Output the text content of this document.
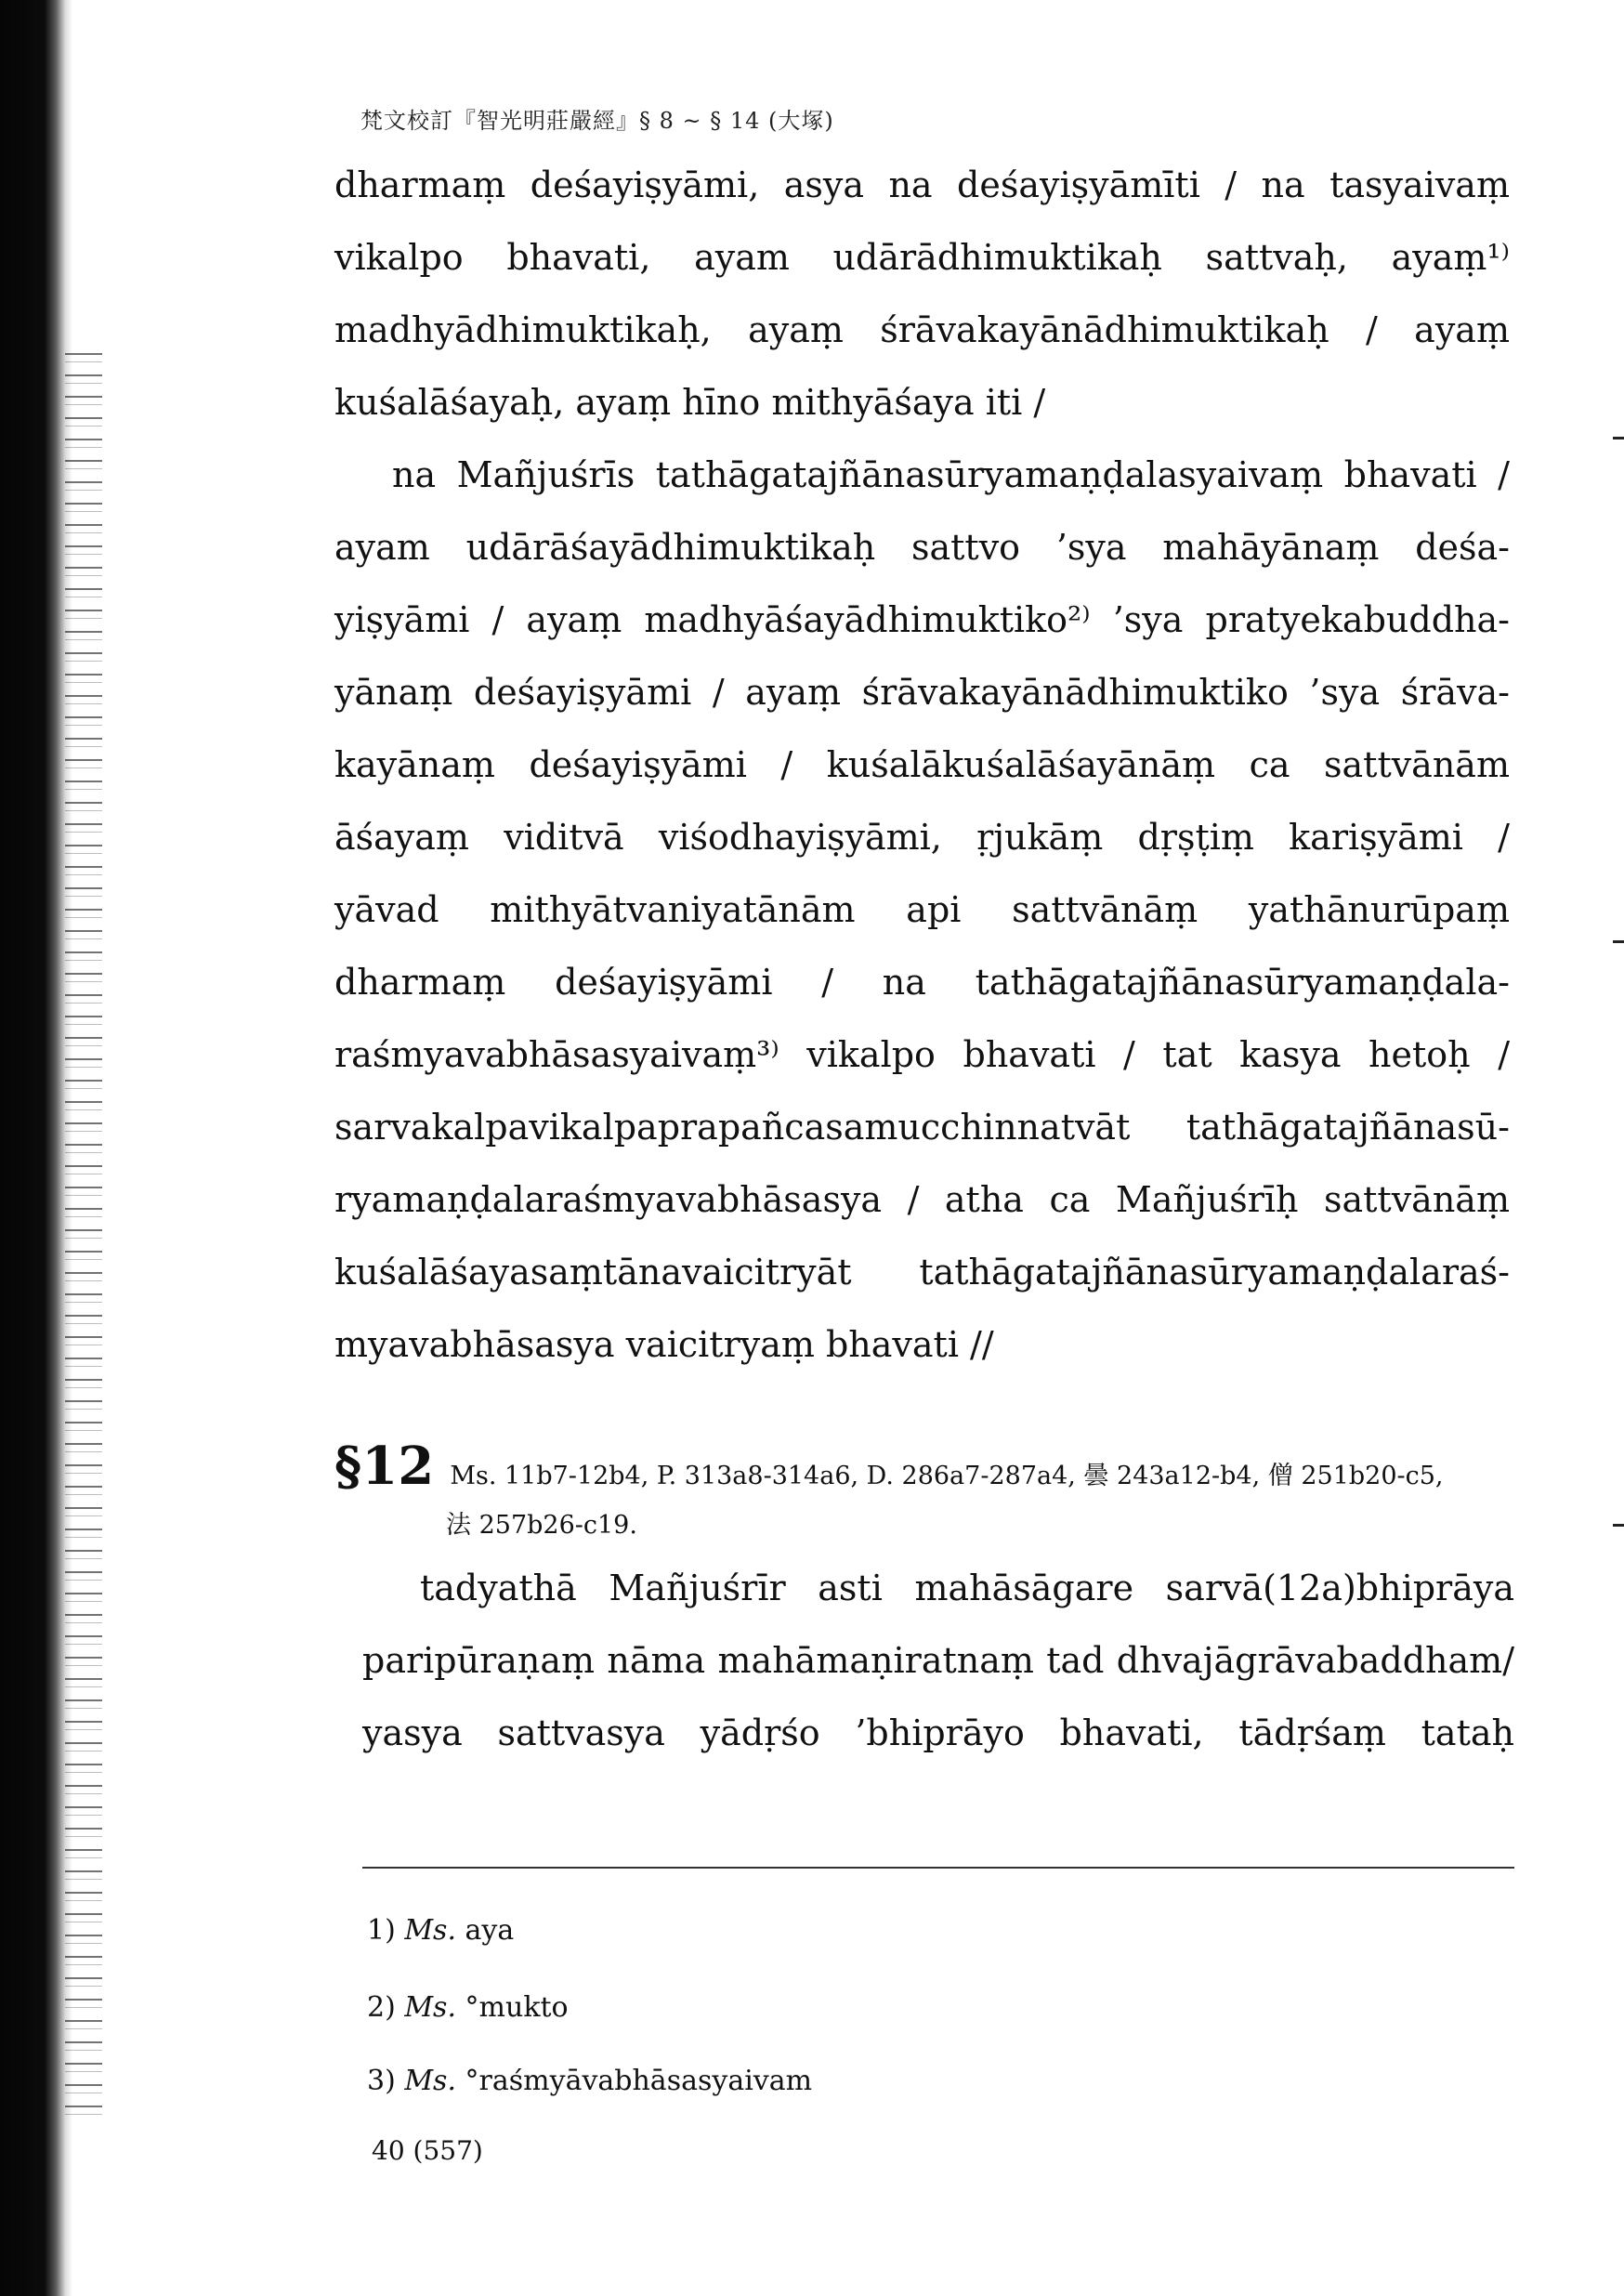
梵文校訂『智光明莊嚴經』§ 8 ~ § 14 (大塚)
dharmaṃ deśayiṣyāmi, asya na deśayiṣyāmīti / na tasyaivaṃ
vikalpo bhavati, ayam udārādhimuktikaḥ sattvaḥ, ayaṃ¹⁾
madhyādhimuktikaḥ, ayaṃ śrāvakayānādhimuktikaḥ / ayaṃ
kuśalāśayaḥ, ayaṃ hīno mithyāśaya iti /
na Mañjuśrīs tathāgatajñānasūryamaṇḍalasyaivaṃ bhavati /
ayam udārāśayādhimuktikaḥ sattvo ’sya mahāyānaṃ deśa-
yiṣyāmi / ayaṃ madhyāśayādhimuktiko²⁾ ’sya pratyekabuddha-
yānaṃ deśayiṣyāmi / ayaṃ śrāvakayānādhimuktiko ’sya śrāva-
kayānaṃ deśayiṣyāmi / kuśalākuśalāśayānāṃ ca sattvānām
āśayaṃ viditvā viśodhayiṣyāmi, ṛjukāṃ dṛṣṭiṃ kariṣyāmi /
yāvad mithyātvaniyatānām api sattvānāṃ yathānurūpaṃ
dharmaṃ deśayiṣyāmi / na tathāgatajñānasūryamaṇḍala-
raśmyavabhāsasyaivaṃ³⁾ vikalpo bhavati / tat kasya hetoḥ /
sarvakalpavikalpaprapañcasamucchinnatvāt tathāgatajñānasū-
ryamaṇḍalaraśmyavabhāsasya / atha ca Mañjuśrīḥ sattvānāṃ
kuśalāśayasaṃtānavaicitryāt tathāgatajñānasūryamaṇḍalaraś-
myavabhāsasya vaicitryaṃ bhavati //
§12 Ms. 11b7-12b4, P. 313a8-314a6, D. 286a7-287a4, 曇 243a12-b4, 僧 251b20-c5,
法 257b26-c19.
tadyathā Mañjuśrīr asti mahāsāgare sarvā(12a)bhiprāya
paripūraṇaṃ nāma mahāmaṇiratnaṃ tad dhvajāgrāvabaddham/
yasya sattvasya yādṛśo ’bhiprāyo bhavati, tādṛśaṃ tataḥ
1) Ms. aya
2) Ms. °mukto
3) Ms. °raśmyāvabhāsasyaivam
40 (557)
